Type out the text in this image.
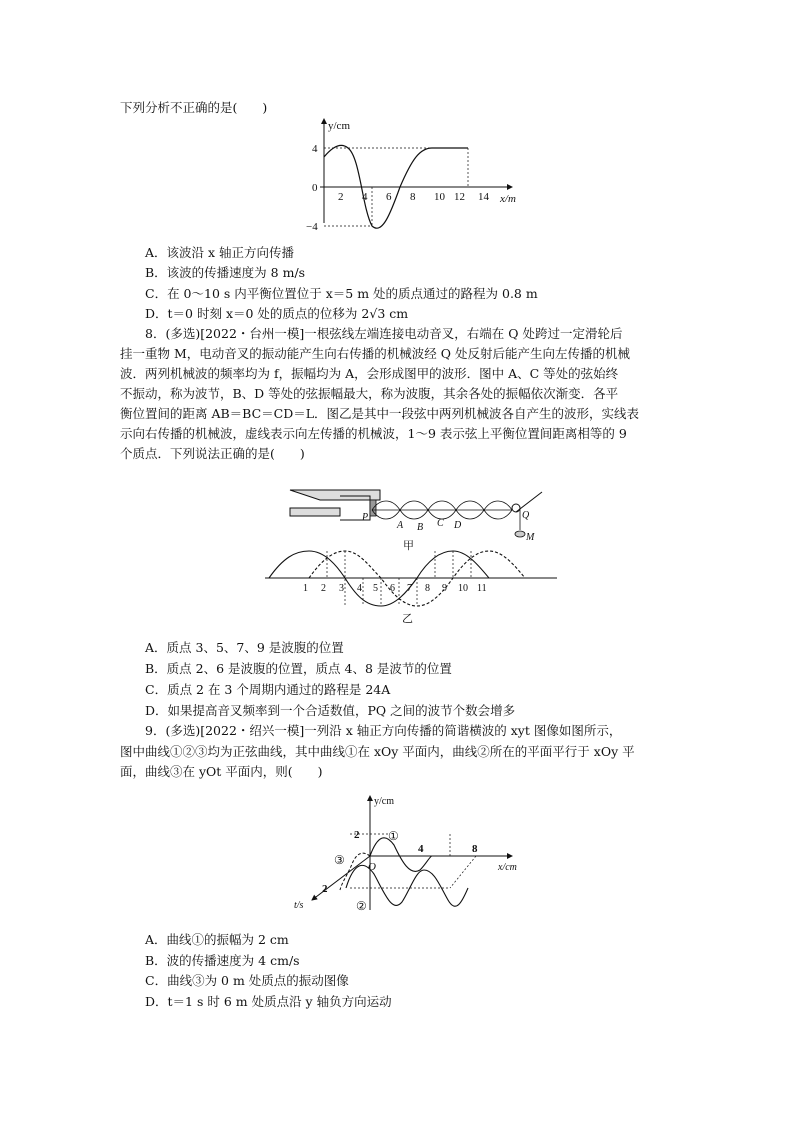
下列分析不正确的是(　　)
y/cm
x/m
4
0
−4
2 4 6 8 10 12 14
A．该波沿 x 轴正方向传播
B．该波的传播速度为 8 m/s
C．在 0～10 s 内平衡位置位于 x＝5 m 处的质点通过的路程为 0.8 m
D．t＝0 时刻 x＝0 处的质点的位移为 2√3 cm
8．(多选)[2022・台州一模]一根弦线左端连接电动音叉，右端在 Q 处跨过一定滑轮后
挂一重物 M，电动音叉的振动能产生向右传播的机械波经 Q 处反射后能产生向左传播的机械
波．两列机械波的频率均为 f，振幅均为 A，会形成图甲的波形．图中 A、C 等处的弦始终
不振动，称为波节，B、D 等处的弦振幅最大，称为波腹，其余各处的振幅依次渐变．各平
衡位置间的距离 AB＝BC＝CD＝L．图乙是其中一段弦中两列机械波各自产生的波形，实线表
示向右传播的机械波，虚线表示向左传播的机械波，1～9 表示弦上平衡位置间距离相等的 9
个质点．下列说法正确的是(　　)
P
A B C D
Q
M
甲
1 2 3 4 5 6 7 8 9 10 11
乙
A．质点 3、5、7、9 是波腹的位置
B．质点 2、6 是波腹的位置，质点 4、8 是波节的位置
C．质点 2 在 3 个周期内通过的路程是 24A
D．如果提高音叉频率到一个合适数值，PQ 之间的波节个数会增多
9．(多选)[2022・绍兴一模]一列沿 x 轴正方向传播的简谐横波的 xyt 图像如图所示，
图中曲线①②③均为正弦曲线，其中曲线①在 xOy 平面内，曲线②所在的平面平行于 xOy 平
面，曲线③在 yOt 平面内，则(　　)
y/cm
x/cm
t/s
2
4	8
O
2
①
②
③
A．曲线①的振幅为 2 cm
B．波的传播速度为 4 cm/s
C．曲线③为 0 m 处质点的振动图像
D．t＝1 s 时 6 m 处质点沿 y 轴负方向运动
